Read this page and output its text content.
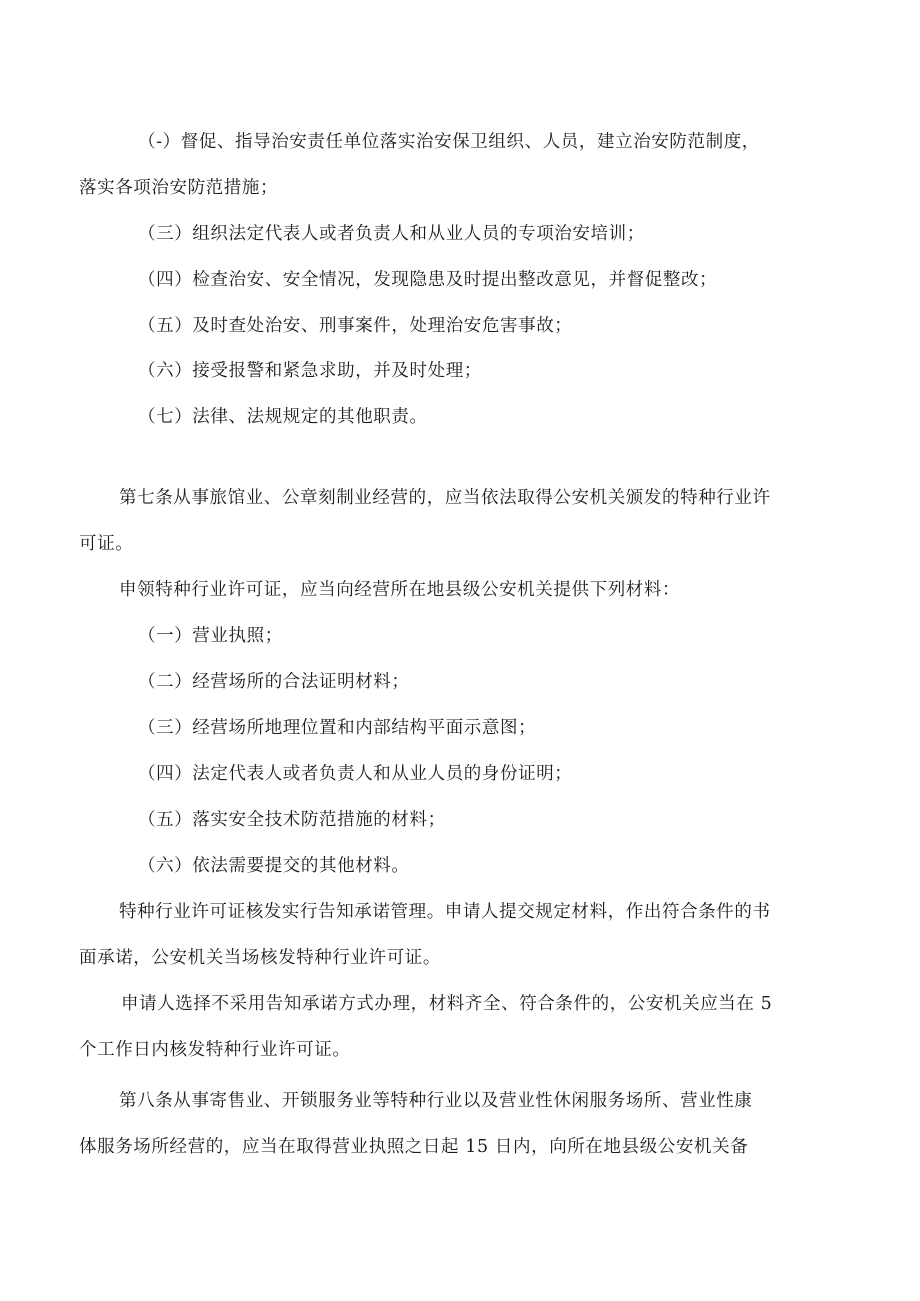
（-）督促、指导治安责任单位落实治安保卫组织、人员，建立治安防范制度，
落实各项治安防范措施；
（三）组织法定代表人或者负责人和从业人员的专项治安培训；
（四）检查治安、安全情况，发现隐患及时提出整改意见，并督促整改；
（五）及时查处治安、刑事案件，处理治安危害事故；
（六）接受报警和紧急求助，并及时处理；
（七）法律、法规规定的其他职责。
第七条从事旅馆业、公章刻制业经营的，应当依法取得公安机关颁发的特种行业许
可证。
申领特种行业许可证，应当向经营所在地县级公安机关提供下列材料：
（一）营业执照；
（二）经营场所的合法证明材料；
（三）经营场所地理位置和内部结构平面示意图；
（四）法定代表人或者负责人和从业人员的身份证明；
（五）落实安全技术防范措施的材料；
（六）依法需要提交的其他材料。
特种行业许可证核发实行告知承诺管理。申请人提交规定材料，作出符合条件的书
面承诺，公安机关当场核发特种行业许可证。
申请人选择不采用告知承诺方式办理，材料齐全、符合条件的，公安机关应当在 5
个工作日内核发特种行业许可证。
第八条从事寄售业、开锁服务业等特种行业以及营业性休闲服务场所、营业性康
体服务场所经营的，应当在取得营业执照之日起 15 日内，向所在地县级公安机关备
